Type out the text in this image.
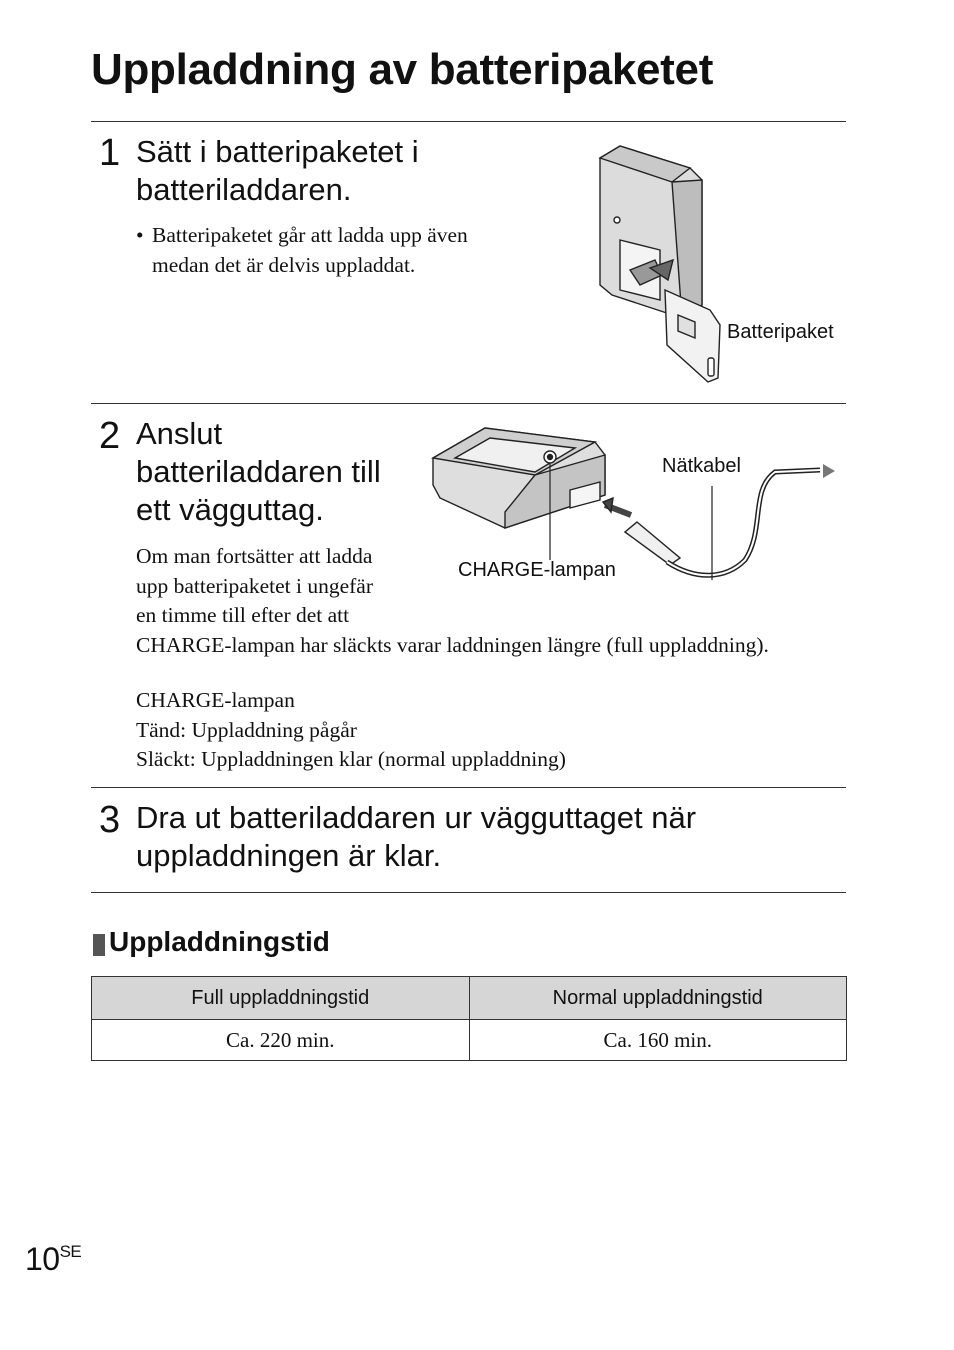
Uppladdning av batteripaketet
1 Sätt i batteripaketet i
batteriladdaren.
• Batteripaketet går att ladda upp även
medan det är delvis uppladdat.
Batteripaket
2 Anslut
batteriladdaren till
ett vägguttag.
Om man fortsätter att ladda
upp batteripaketet i ungefär
en timme till efter det att
CHARGE-lampan har släckts varar laddningen längre (full uppladdning).
CHARGE-lampan
Tänd: Uppladdning pågår
Släckt: Uppladdningen klar (normal uppladdning)
Nätkabel
CHARGE-lampan
3 Dra ut batteriladdaren ur vägguttaget när
uppladdningen är klar.
Uppladdningstid
Full uppladdningstid	Normal uppladdningstid
Ca. 220 min.	Ca. 160 min.
$10^{SE}$
